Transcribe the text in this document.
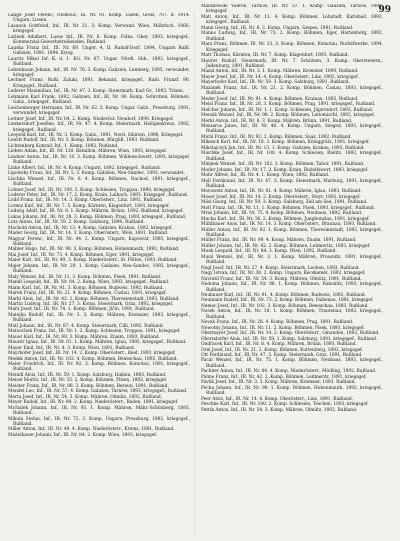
99

Lange Josef Ferenc, Olomouc, III. Nr. 91. Komp. Lüsen, Greis, 707. d. 1914. Ungarn, Lissen.

Lasanck Gottfried, Inf., IR. Nr. 21. 3. Komp. Verwund. Wien, Mährisch. 1866, kriegsgef.

Latinek Adalbert, Lasse Inf., IR. Nr. 6. Komp. Folka, Ober, 1893, kriegsgef., Kommerzial-Gewerbetreibenden, Rußland.

Lauska Franz Inf., III. Nr. 69. Unger. 4. II. Rudolf-Dorf. 1894. Ungarn Rußl. Galizien, 1891. 1894. Krieg.

Lauritz Mikel Inf. K. d. 1. KG. Nr. 67. Ungar. Nördl. Sbh., 1892, kriegsgef., Rußland.

Lebenbaum Johann, Inf., IR. Nr. 76. 3. Komp. Galizien, Lemberg, 1895, verwundet, kriegsgef.

Lechner Franz, Rußl. Zaluki, 1891. Bekannt, kriegsgef., Rußl. Franzf. 90. Kriegsgef., Rußland.

Lederer Maximilian, Inf., IR. Nr. 47. 3. Komp. Steiermark. Karl Gr., 1893. Trixen.

Lehmann Karl Frank, 1892, Galizien, Inf., IR. Nr. 90. Komp. Schrotten, Böhmen, Galiz., kriegsgef., Rußland.

Leichenberger Hermann, Inf., IR. Nr. 62. 3. Komp. Ungar. Galiz., Pressburg, 1891, verwundet, kriegsgef.

Leitner Josef, Inf., IR. Nr. 64. 2. Komp. Niederöst. Neudorf, 1890. Kriegsgef.

Lenkersdorf Josefine, Inf., IR. Nr. 47. 4. Komp. Steiermark, Heiligenkreuz, 1892, kriegsgef., Rußland.

Leopold Karl, Inf., IR. Nr. 3. Komp. Galiz., 1891, Nord. Sibirien, 1896, Kriegsgef.

Lewitt Rudolf, Inf., IR. Nr. 3. Komp. Böhmen, Bürgliß, 1893. Rußland.

Lichtenberg Konrad, Inf., 1. Komp. 1892, Rußland.

Lieben Adam, Inf., IR. Nr. 130. Bataillon, Mähren, Wien, 1893, kriegsgef.

Lindner Anton, Inf., IR. Nr. 10. 3. Komp. Böhmen, Wildenschwert, 1893, kriegsgef. Rußland.

Linke Albert, Inf., IR. Nr. 4. Komp. Ungarn, 1892, kriegsgef., Rußland.

Lipowsky Franz, Inf., IR. Nr. 5. 3. Komp. Galizien, Neu-Sandec, 1893, verwundet.

Lischka Wenzel, Inf., IR. Nr. 6. 4. Komp. Böhmen, Nachod, 1891, kriegsgef., Rußland.

Lobner Josef, Inf., IR. Nr. 100. 3. Komp. Schlesien, Troppau, 1890, kriegsgef.

Loderer Peter, Inf., IR. Nr. 17. 2. Komp. Krain, Laibach, 1893. Kriegsgef., Rußland.

Loibl Franz, Inf., IR. Nr. 14. 3. Komp. Oberösterr., Linz, 1892, Rußland.

Lorenz Karl, Inf., IR. Nr. 7. 5. Komp. Kärnten, Klagenfurt, 1891, kriegsgef.

Ludwig Adolf, Inf., IR. Nr. 8. 1. Komp. Mähren, Brünn, 1892, Rußland, kriegsgef.

Lukas Johann, Inf., IR. Nr. 28. 3. Komp. Böhmen, Prag, 1893, kriegsgef., Rußland.

Lutz Anton, Inf., IR. Nr. 59. 2. Komp. Salzburg, 1890, Rußland.

Machold Anton, Inf., IR. Nr. 13. 4. Komp. Galizien, Krakau, 1892, kriegsgef.

Mader Georg, Inf., IR. Nr. 14. 3. Komp. Oberösterr., Wels, 1891. Rußland.

Magyar Ferenc, Inf., IR. Nr. 44. 2. Komp. Ungarn, Kaposvár, 1893, kriegsgef., Rußland.

Mahler Hugo, Inf., IR. Nr. 98. 3. Komp. Böhmen, Hohenmauth, 1892, Rußland.

Mai Josef, Inf., IR. Nr. 73. 4. Komp. Böhmen, Eger, 1891, kriegsgef.

Maier Karl, Inf., IR. Nr. 49. 3. Komp. Niederösterr., St. Pölten, 1893, Rußland.

Majer Johann, Inf., IR. Nr. 20. 1. Komp. Galizien, Neu-Sandec, 1892, kriegsgef., Rußland.

Maly Wenzel, Inf., IR. Nr. 11. 3. Komp. Böhmen, Pisek, 1891, Rußland.

Mandl Leopold, Inf., IR. Nr. 84. 2. Komp. Wien, 1893, kriegsgef., Rußland.

Mann Karl, Inf., IR. Nr. 91. 3. Komp. Böhmen, Budweis, 1892, Rußland.

Marek Franz, Inf., IR. Nr. 21. 4. Komp. Böhmen, Časlau, 1891, kriegsgef.

Markl Alois, Inf., IR. Nr. 42. 2. Komp. Böhmen, Theresienstadt, 1893, Rußland.

Martin Ludwig, Inf., IR. Nr. 27. 3. Komp. Steiermark, Graz, 1892, kriegsgef.

Marx Josef, Inf., IR. Nr. 74. 1. Komp. Böhmen, Jičín, 1891, Rußland.

Matejka Rudolf, Inf., IR. Nr. 3. 3. Komp. Mähren, Kremsier, 1893, kriegsgef., Rußland.

Matl Johann, Inf., IR. Nr. 87. 4. Komp. Steiermark, Cilli, 1892, Rußland.

Matuschek Franz, Inf., IR. Nr. 1. 2. Komp. Schlesien, Troppau, 1891, kriegsgef.

Mauer Karl, Inf., IR. Nr. 99. 3. Komp. Mähren, Znaim, 1893, Rußland.

Maurer Ignaz, Inf., IR. Nr. 81. 1. Komp. Mähren, Iglau, 1892, kriegsgef., Rußland.

Mayer Emil, Inf., IR. Nr. 4. 3. Komp. Wien, 1891, Rußland.

Mayrhofer Josef, Inf., IR. Nr. 14. 2. Komp. Oberösterr., Ried, 1893, kriegsgef.

Medek Anton, Inf., IR. Nr. 102. 4. Komp. Böhmen, Beneschau, 1892, Rußland.

Meier Friedrich, Inf., IR. Nr. 92. 3. Komp. Böhmen, Komotau, 1891, kriegsgef., Rußland.

Meindl Alois, Inf., IR. Nr. 59. 1. Komp. Salzburg, Hallein, 1893, Rußland.

Meisel Moritz, Inf., IR. Nr. 35. 2. Komp. Böhmen, Pilsen, 1892, kriegsgef.

Meister Franz, Inf., IR. Nr. 88. 3. Komp. Böhmen, Beraun, 1891, Rußland.

Mendel Leo, Inf., IR. Nr. 57. 4. Komp. Galizien, Tarnów, 1893, kriegsgef., Rußland.

Merta Josef, Inf., IR. Nr. 54. 3. Komp. Mähren, Olmütz, 1892, Rußland.

Meyer Rudolf, Inf., IR. Nr. 84. 2. Komp. Niederösterr., Baden, 1891, kriegsgef.

Michalek Johann, Inf., IR. Nr. 93. 1. Komp. Mähren, Mähr.-Schönberg, 1893, Rußland.

Mikula Stefan, Inf., IR. Nr. 72. 3. Komp. Ungarn, Pressburg, 1892, kriegsgef., Rußland.

Miller Anton, Inf., IR. Nr. 49. 4. Komp. Niederösterr., Krems, 1891, Rußland.

Mistelbauer Johann, Inf., IR. Nr. 84. 2. Komp. Wien, 1893, kriegsgef.

Maliszewski Valerie, Tarnów, IR. Nr. 57. 1. Komp. Galizien, Tarnów, 1890, kriegsgef.

Malt Anton, Inf., IR. Nr. 11. 4. Komp. Böhmen, Lohstadt, Karlsbad, 1893, kriegsgef., Rußland.

Mann Georg, Inf., IR. Nr. 6. 3. Komp. Ungarn, Szepes, 1891, Rußland.

Manns Ludwig, Inf., IR. Nr. 73. 2. Komp. Böhmen, Eger, Hartenberg, 1892, Rußland.

Marz Franz, Böhmen, IR. Nr. 13. 3. Komp. Böhmen, Komotau, Rudolfwerke, 1894. Kriegsgef.

Matt Thomas, Kärnten, IR. Nr. 7. Komp. Klagenfurt, 1893. Rußland.

Maurer Rudolf, Steiermark, IR. Nr. 7. Schützen, 3. Komp. Obersteierm., Judenburg, 1891, Rußland.

Mazal Anton, Inf., IR. Nr. 3. 1. Komp. Mähren, Kremsier, 1890, Rußland.

Mayer Josef, Inf., IR. Nr. 14. 4. Komp. Oberösterr., Linz, 1892, kriegsgef.

Mayerhofer Karl, Inf., IR. Nr. 59. 3. Komp. Salzburg, 1891. Rußland.

Mazanek Franz, Inf., IR. Nr. 21. 2. Komp. Böhmen, Časlau, 1893, kriegsgef., Rußland.

Meder Josef, Inf., IR. Nr. 91. 4. Komp. Böhmen, Krumau, 1892, Rußland.

Meisl Franz, Inf., IR. Nr. 28. 3. Komp. Böhmen, Prag, 1891, kriegsgef., Rußland.

Melcher Johann, Inf., IR. Nr. 1. 1. Komp. Schlesien, Jägerndorf, 1893, Rußland.

Mensik Wenzel, Inf., IR. Nr. 98. 2. Komp. Böhmen, Leitomischl, 1892, kriegsgef.

Merkl Anton, Inf., IR. Nr. 8. 3. Komp. Mähren, Brünn, 1891, Rußland.

Meszaros Janos, Inf., IR. Nr. 46. 4. Komp. Ungarn, Szeged, 1893, kriegsgef., Rußland.

Michl Franz, Inf., IR. Nr. 92. 2. Komp. Böhmen, Saaz, 1892, Rußland.

Mikesch Karl, Inf., IR. Nr. 18. 3. Komp. Böhmen, Königgrätz, 1891, kriegsgef.

Mikolajczyk Jan, Inf., IR. Nr. 13. 1. Komp. Galizien, Krakau, 1893, Rußland.

Mischke Josef, Inf., IR. Nr. 100. 4. Komp. Schlesien, Bielitz, 1892, kriegsgef., Rußland.

Mlejnek Wenzel, Inf., IR. Nr. 102. 3. Komp. Böhmen, Tabor, 1891, Rußland.

Moder Johann, Inf., IR. Nr. 17. 2. Komp. Krain, Rudolfswert, 1893, kriegsgef.

Mohr Alfred, Inf., IR. Nr. 4. 1. Komp. Wien, 1892, Rußland.

Moll Ferdinand, Inf., IR. Nr. 47. 3. Komp. Steiermark, Marburg, 1891, kriegsgef., Rußland.

Morawetz Anton, Inf., IR. Nr. 81. 4. Komp. Mähren, Iglau, 1893, Rußland.

Moser Josef, Inf., IR. Nr. 14. 2. Komp. Oberösterr., Steyr, 1892, kriegsgef.

Mösl Georg, Inf., IR. Nr. 59. 3. Komp. Salzburg, Zell am See, 1891, Rußland.

Motl Franz, Inf., IR. Nr. 11. 1. Komp. Böhmen, Pisek, 1893, kriegsgef., Rußland.

Mraz Johann, Inf., IR. Nr. 75. 4. Komp. Böhmen, Neuhaus, 1892, Rußland.

Mucha Karl, Inf., IR. Nr. 36. 2. Komp. Böhmen, Jungbunzlau, 1891, kriegsgef.

Mühlbauer Alois, Inf., IR. Nr. 14. 3. Komp. Oberösterr., Braunau, 1893, Rußland.

Müller Anton, Inf., IR. Nr. 92. 1. Komp. Böhmen, Theresienstadt, 1892, kriegsgef., Rußland.

Müller Franz, Inf., IR. Nr. 99. 4. Komp. Mähren, Znaim, 1891, Rußland.

Müller Johann, Inf., IR. Nr. 42. 2. Komp. Böhmen, Leitmeritz, 1893, kriegsgef.

Munk Leopold, Inf., IR. Nr. 84. 3. Komp. Wien, 1892, Rußland.

Musil Wenzel, Inf., IR. Nr. 3. 1. Komp. Mähren, Prossnitz, 1891, kriegsgef., Rußland.

Nagl Josef, Inf., IR. Nr. 27. 4. Komp. Steiermark, Leoben, 1893, Rußland.

Nagy Istvan, Inf., IR. Nr. 38. 2. Komp. Ungarn, Kecskemét, 1892, kriegsgef.

Navratil Franz, Inf., IR. Nr. 54. 3. Komp. Mähren, Olmütz, 1891, Rußland.

Nedoma Johann, Inf., IR. Nr. 88. 1. Komp. Böhmen, Rakonitz, 1893, kriegsgef., Rußland.

Neubauer Karl, Inf., IR. Nr. 91. 4. Komp. Böhmen, Budweis, 1892, Rußland.

Neumann Rudolf, Inf., IR. Nr. 73. 2. Komp. Böhmen, Falkenau, 1891, kriegsgef.

Nemec Josef, Inf., IR. Nr. 102. 3. Komp. Böhmen, Beneschau, 1893, Rußland.

Nosek Anton, Inf., IR. Nr. 18. 1. Komp. Böhmen, Trautenau, 1892, kriegsgef., Rußland.

Novak Franz, Inf., IR. Nr. 28. 4. Komp. Böhmen, Prag, 1891, Rußland.

Nowotny Johann, Inf., IR. Nr. 11. 2. Komp. Böhmen, Písek, 1893, kriegsgef.

Obermayer Josef, Inf., IR. Nr. 14. 3. Komp. Oberösterr., Gmunden, 1892, Rußland.

Oberndorfer Alois, Inf., IR. Nr. 59. 1. Komp. Salzburg, 1891, kriegsgef., Rußland.

Ondracek Karl, Inf., IR. Nr. 8. 4. Komp. Mähren, Brünn, 1893, Rußland.

Orel Josef, Inf., IR. Nr. 21. 2. Komp. Böhmen, Kuttenberg, 1892, kriegsgef.

Ott Ferdinand, Inf., IR. Nr. 47. 3. Komp. Steiermark, Graz, 1891, Rußland.

Pacal Wenzel, Inf., IR. Nr. 75. 1. Komp. Böhmen, Neuhaus, 1893, kriegsgef., Rußland.

Pachner Anton, Inf., IR. Nr. 84. 4. Komp. Niederösterr., Mödling, 1892, Rußland.

Palme Franz, Inf., IR. Nr. 42. 2. Komp. Böhmen, Leitmeritz, 1891, kriegsgef.

Pavlik Josef, Inf., IR. Nr. 3. 3. Komp. Mähren, Kremsier, 1893, Rußland.

Pecha Johann, Inf., IR. Nr. 98. 1. Komp. Böhmen, Hohenmauth, 1892, kriegsgef., Rußland.

Peer Alois, Inf., IR. Nr. 14. 4. Komp. Oberösterr., Linz, 1891, Rußland.

Peschke Karl, Inf., IR. Nr. 100. 2. Komp. Schlesien, Teschen, 1893, kriegsgef.

Petrik Anton, Inf., IR. Nr. 54. 3. Komp. Mähren, Olmütz, 1892, Rußland.
